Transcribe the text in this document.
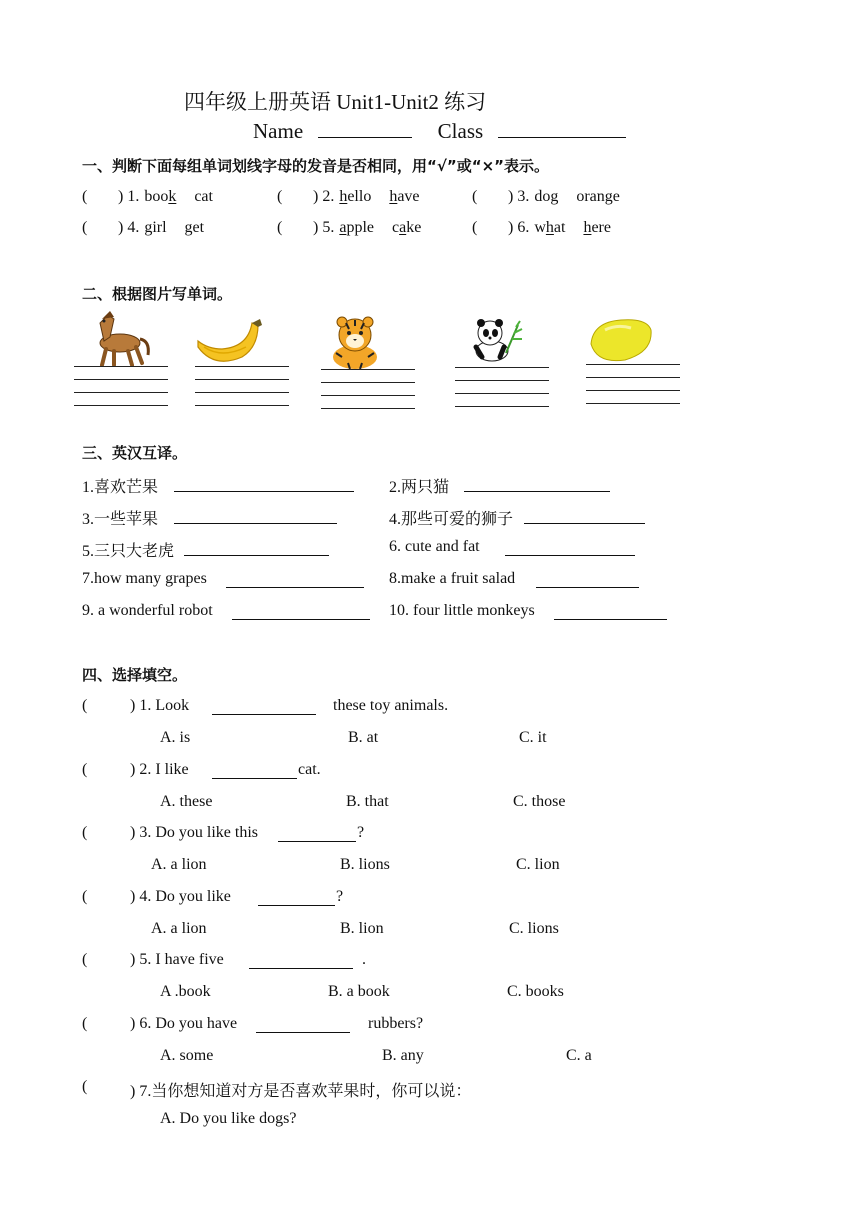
四年级上册英语 Unit1-Unit2 练习
Name	Class
一、判断下面每组单词划线字母的发音是否相同，用“√”或“×”表示。
( ) 1. book cat	( ) 2. hello have	( ) 3. dog orange
( ) 4. girl get	( ) 5. apple cake	( ) 6. what here
二、根据图片写单词。
三、英汉互译。
1.喜欢芒果	2.两只猫
3.一些苹果	4.那些可爱的狮子
5.三只大老虎	6. cute and fat
7.how many grapes	8.make a fruit salad
9. a wonderful robot	10. four little monkeys
四、选择填空。
(	) 1. Look	these toy animals.
A. is	B. at	C. it
(	) 2. I like	cat.
A. these	B. that	C. those
(	) 3. Do you like this	?
A. a lion	B. lions	C. lion
(	) 4. Do you like	?
A. a lion	B. lion	C. lions
(	) 5. I have five	.
A .book	B. a book	C. books
(	) 6. Do you have	rubbers?
A. some	B. any	C. a
(	) 7.当你想知道对方是否喜欢苹果时，你可以说：
A. Do you like dogs?
